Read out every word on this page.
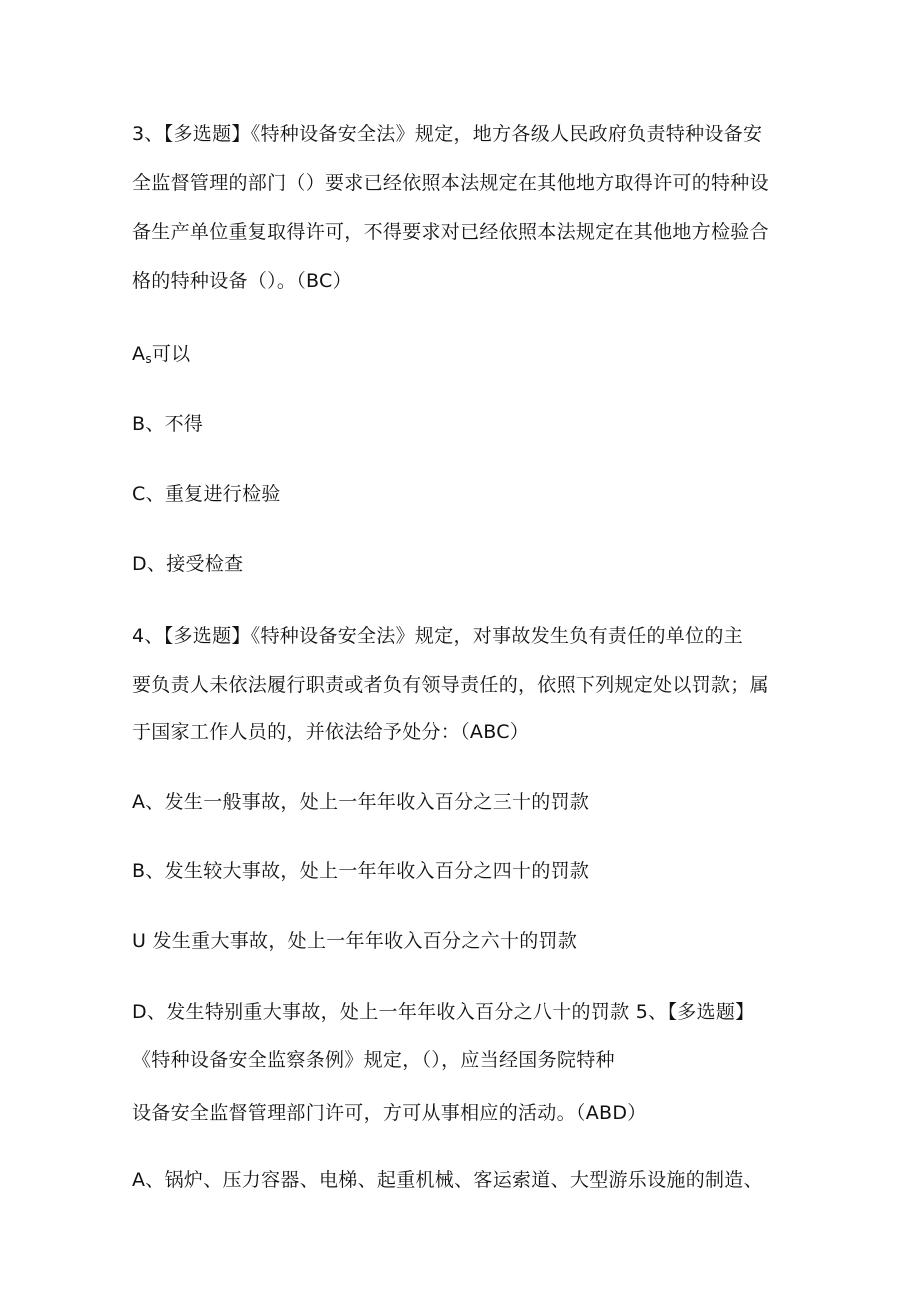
3、【多选题】《特种设备安全法》规定，地方各级人民政府负责特种设备安
全监督管理的部门（）要求已经依照本法规定在其他地方取得许可的特种设
备生产单位重复取得许可，不得要求对已经依照本法规定在其他地方检验合
格的特种设备（）。（BC）
$A_s$可以
B、不得
C、重复进行检验
D、接受检查
4、【多选题】《特种设备安全法》规定，对事故发生负有责任的单位的主
要负责人未依法履行职责或者负有领导责任的，依照下列规定处以罚款；属
于国家工作人员的，并依法给予处分：（ABC）
A、发生一般事故，处上一年年收入百分之三十的罚款
B、发生较大事故，处上一年年收入百分之四十的罚款
U 发生重大事故，处上一年年收入百分之六十的罚款
D、发生特别重大事故，处上一年年收入百分之八十的罚款 5、【多选题】
《特种设备安全监察条例》规定，（），应当经国务院特种
设备安全监督管理部门许可，方可从事相应的活动。（ABD）
A、锅炉、压力容器、电梯、起重机械、客运索道、大型游乐设施的制造、
